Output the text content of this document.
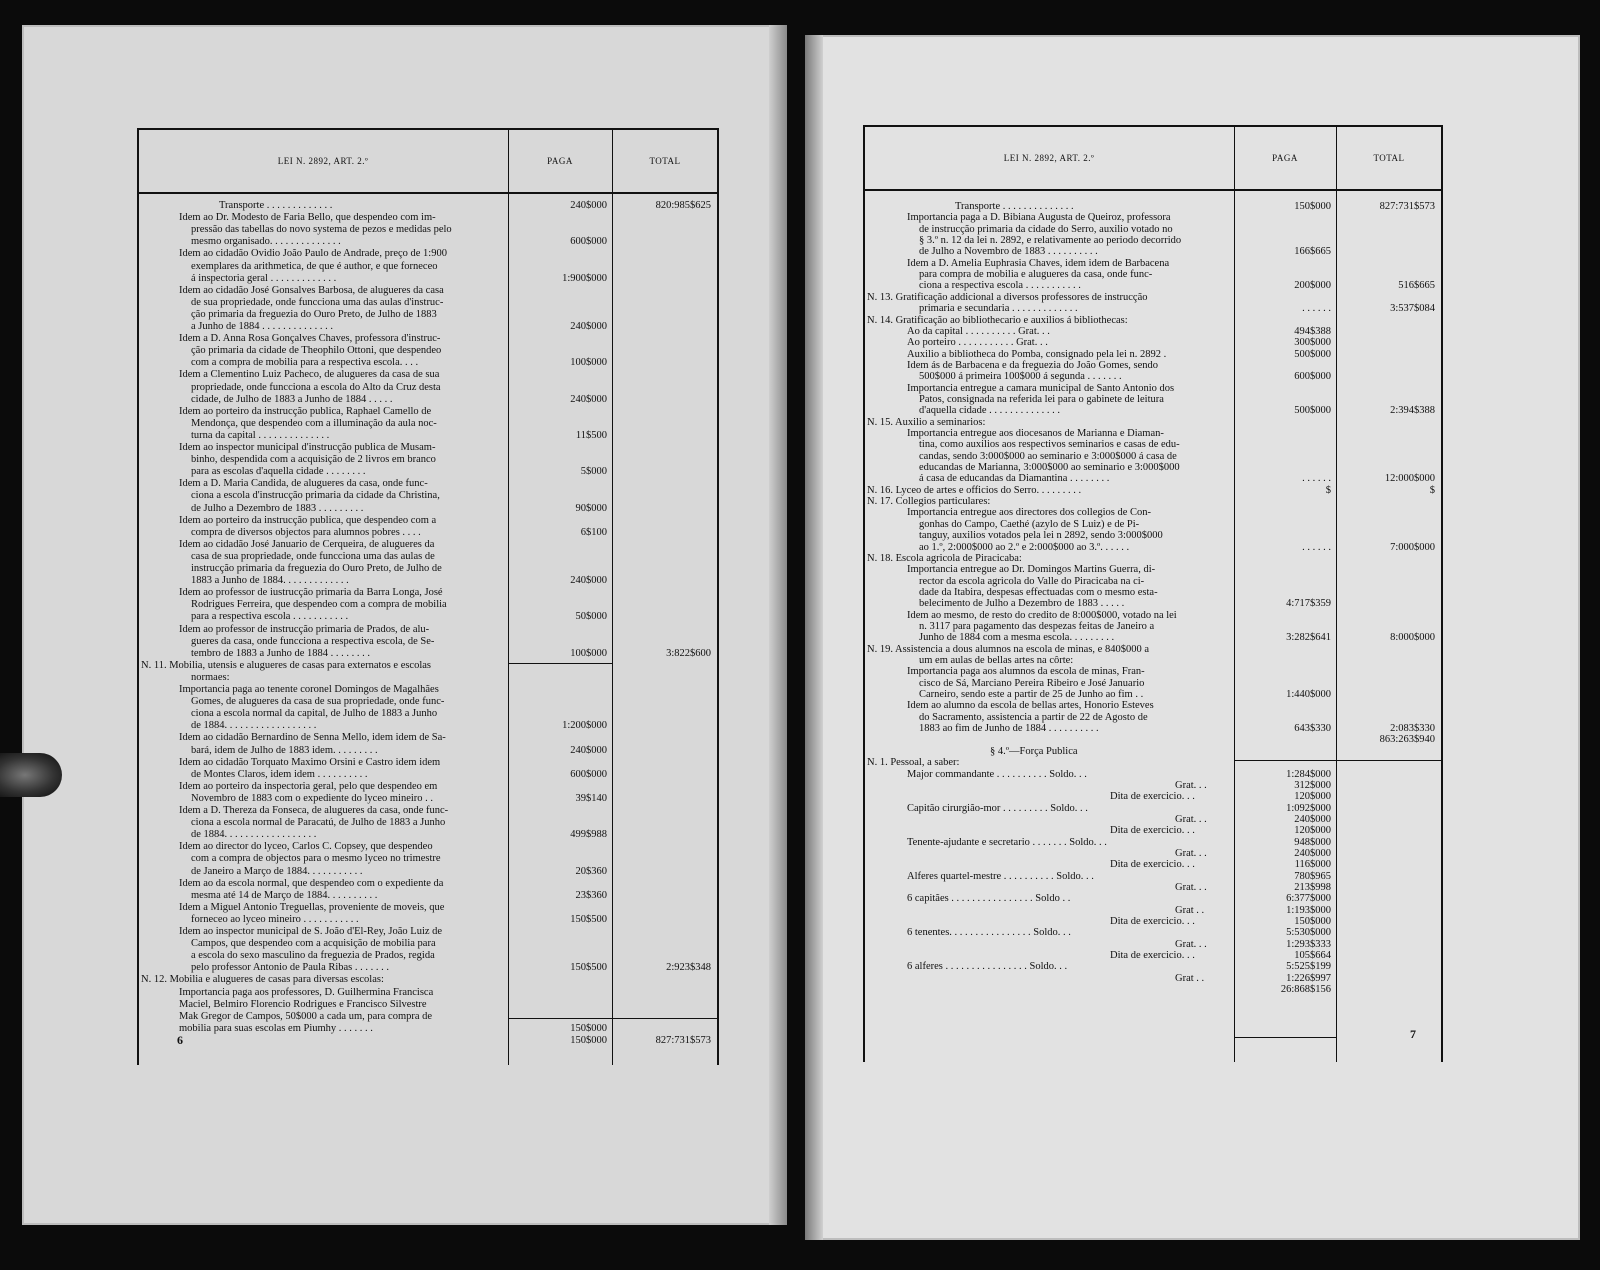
LEI N. 2892, ART. 2.º	PAGA	TOTAL
Transporte . . . . . . . . . . . . .	240$000	820:985$625
Idem ao Dr. Modesto de Faria Bello, que despendeo com im-
pressão das tabellas do novo systema de pezos e medidas pelo
mesmo organisado. . . . . . . . . . . . . .	600$000
Idem ao cidadão Ovidio João Paulo de Andrade, preço de 1:900
exemplares da arithmetica, de que é author, e que forneceo
á inspectoria geral . . . . . . . . . . . . .	1:900$000
Idem ao cidadão José Gonsalves Barbosa, de alugueres da casa
de sua propriedade, onde funcciona uma das aulas d'instruc-
ção primaria da freguezia do Ouro Preto, de Julho de 1883
a Junho de 1884 . . . . . . . . . . . . . .	240$000
Idem a D. Anna Rosa Gonçalves Chaves, professora d'instruc-
ção primaria da cidade de Theophilo Ottoni, que despendeo
com a compra de mobilia para a respectiva escola. . . .	100$000
Idem a Clementino Luiz Pacheco, de alugueres da casa de sua
propriedade, onde funcciona a escola do Alto da Cruz desta
cidade, de Julho de 1883 a Junho de 1884 . . . . .	240$000
Idem ao porteiro da instrucção publica, Raphael Camello de
Mendonça, que despendeo com a illuminação da aula noc-
turna da capital . . . . . . . . . . . . . .	11$500
Idem ao inspector municipal d'instrucção publica de Musam-
binho, despendida com a acquisição de 2 livros em branco
para as escolas d'aquella cidade . . . . . . . .	5$000
Idem a D. Maria Candida, de alugueres da casa, onde func-
ciona a escola d'instrucção primaria da cidade da Christina,
de Julho a Dezembro de 1883 . . . . . . . . .	90$000
Idem ao porteiro da instrucção publica, que despendeo com a
compra de diversos objectos para alumnos pobres . . . .	6$100
Idem ao cidadão José Januario de Cerqueira, de alugueres da
casa de sua propriedade, onde funcciona uma das aulas de
instrucção primaria da freguezia do Ouro Preto, de Julho de
1883 a Junho de 1884. . . . . . . . . . . . .	240$000
Idem ao professor de iustrucção primaria da Barra Longa, José
Rodrigues Ferreira, que despendeo com a compra de mobilia
para a respectiva escola . . . . . . . . . . .	50$000
Idem ao professor de instrucção primaria de Prados, de alu-
gueres da casa, onde funcciona a respectiva escola, de Se-
tembro de 1883 a Junho de 1884 . . . . . . . .	100$000	3:822$600
N. 11. Mobilia, utensis e alugueres de casas para externatos e escolas
normaes:
Importancia paga ao tenente coronel Domingos de Magalhães
Gomes, de alugueres da casa de sua propriedade, onde func-
ciona a escola normal da capital, de Julho de 1883 a Junho
de 1884. . . . . . . . . . . . . . . . . .	1:200$000
Idem ao cidadão Bernardino de Senna Mello, idem idem de Sa-
bará, idem de Julho de 1883 idem. . . . . . . . .	240$000
Idem ao cidadão Torquato Maximo Orsini e Castro idem idem
de Montes Claros, idem idem . . . . . . . . . .	600$000
Idem ao porteiro da inspectoria geral, pelo que despendeo em
Novembro de 1883 com o expediente do lyceo mineiro . .	39$140
Idem a D. Thereza da Fonseca, de alugueres da casa, onde func-
ciona a escola normal de Paracatú, de Julho de 1883 a Junho
de 1884. . . . . . . . . . . . . . . . . .	499$988
Idem ao director do lyceo, Carlos C. Copsey, que despendeo
com a compra de objectos para o mesmo lyceo no trimestre
de Janeiro a Março de 1884. . . . . . . . . . .	20$360
Idem ao da escola normal, que despendeo com o expediente da
mesma até 14 de Março de 1884. . . . . . . . . .	23$360
Idem a Miguel Antonio Treguellas, proveniente de moveis, que
forneceo ao lyceo mineiro . . . . . . . . . . .	150$500
Idem ao inspector municipal de S. João d'El-Rey, João Luiz de
Campos, que despendeo com a acquisição de mobilia para
a escola do sexo masculino da freguezia de Prados, regida
pelo professor Antonio de Paula Ribas . . . . . . .	150$500	2:923$348
N. 12. Mobilia e alugueres de casas para diversas escolas:
Importancia paga aos professores, D. Guilhermina Francisca
Maciel, Belmiro Florencio Rodrigues e Francisco Silvestre
Mak Gregor de Campos, 50$000 a cada um, para compra de
mobilia para suas escolas em Piumhy . . . . . . .	150$000
150$000	827:731$573
6
LEI N. 2892, ART. 2.º	PAGA	TOTAL
Transporte . . . . . . . . . . . . . .	150$000	827:731$573
Importancia paga a D. Bibiana Augusta de Queiroz, professora
de instrucção primaria da cidade do Serro, auxilio votado no
§ 3.º n. 12 da lei n. 2892, e relativamente ao periodo decorrido
de Julho a Novembro de 1883 . . . . . . . . . .	166$665
Idem a D. Amelia Euphrasia Chaves, idem idem de Barbacena
para compra de mobilia e alugueres da casa, onde func-
ciona a respectiva escola . . . . . . . . . . .	200$000	516$665
N. 13. Gratificação addicional a diversos professores de instrucção
primaria e secundaria . . . . . . . . . . . . .	. . . . . .	3:537$084
N. 14. Gratificação ao bibliothecario e auxilios á bibliothecas:
Ao da capital . . . . . . . . . . Grat. . .	494$388
Ao porteiro . . . . . . . . . . . Grat. . .	300$000
Auxilio a bibliotheca do Pomba, consignado pela lei n. 2892 .	500$000
Idem ás de Barbacena e da freguezia do João Gomes, sendo
500$000 á primeira 100$000 á segunda . . . . . . .	600$000
Importancia entregue a camara municipal de Santo Antonio dos
Patos, consignada na referida lei para o gabinete de leitura
d'aquella cidade . . . . . . . . . . . . . .	500$000	2:394$388
N. 15. Auxilio a seminarios:
Importancia entregue aos diocesanos de Marianna e Diaman-
tina, como auxilios aos respectivos seminarios e casas de edu-
candas, sendo 3:000$000 ao seminario e 3:000$000 á casa de
educandas de Marianna, 3:000$000 ao seminario e 3:000$000
á casa de educandas da Diamantina . . . . . . . .	. . . . . .	12:000$000
N. 16. Lyceo de artes e officios do Serro. . . . . . . . .	$	$
N. 17. Collegios particulares:
Importancia entregue aos directores dos collegios de Con-
gonhas do Campo, Caethé (azylo de S Luiz) e de Pi-
tanguy, auxilios votados pela lei n 2892, sendo 3:000$000
ao 1.º, 2:000$000 ao 2.º e 2:000$000 ao 3.º. . . . . .	. . . . . .	7:000$000
N. 18. Escola agricola de Piracicaba:
Importancia entregue ao Dr. Domingos Martins Guerra, di-
rector da escola agricola do Valle do Piracicaba na ci-
dade da Itabira, despesas effectuadas com o mesmo esta-
belecimento de Julho a Dezembro de 1883 . . . . .	4:717$359
Idem ao mesmo, de resto do credito de 8:000$000, votado na lei
n. 3117 para pagamento das despezas feitas de Janeiro a
Junho de 1884 com a mesma escola. . . . . . . . .	3:282$641	8:000$000
N. 19. Assistencia a dous alumnos na escola de minas, e 840$000 a
um em aulas de bellas artes na côrte:
Importancia paga aos alumnos da escola de minas, Fran-
cisco de Sá, Marciano Pereira Ribeiro e José Januario
Carneiro, sendo este a partir de 25 de Junho ao fim . .	1:440$000
Idem ao alumno da escola de bellas artes, Honorio Esteves
do Sacramento, assistencia a partir de 22 de Agosto de
1883 ao fim de Junho de 1884 . . . . . . . . . .	643$330	2:083$330
863:263$940
§ 4.º—Força Publica
N. 1. Pessoal, a saber:
Major commandante . . . . . . . . . . Soldo. . .	1:284$000
Grat. . .	312$000
Dita de exercicio. . .	120$000
Capitão cirurgião-mor . . . . . . . . . Soldo. . .	1:092$000
Grat. . .	240$000
Dita de exercicio. . .	120$000
Tenente-ajudante e secretario . . . . . . . Soldo. . .	948$000
Grat. . .	240$000
Dita de exercicio. . .	116$000
Alferes quartel-mestre . . . . . . . . . . Soldo. . .	780$965
Grat. . .	213$998
6 capitães . . . . . . . . . . . . . . . . Soldo . .	6:377$000
Grat . .	1:193$000
Dita de exercicio. . .	150$000
6 tenentes. . . . . . . . . . . . . . . . Soldo. . .	5:530$000
Grat. . .	1:293$333
Dita de exercicio. . .	105$664
6 alferes . . . . . . . . . . . . . . . . Soldo. . .	5:525$199
Grat . .	1:226$997
26:868$156
7
